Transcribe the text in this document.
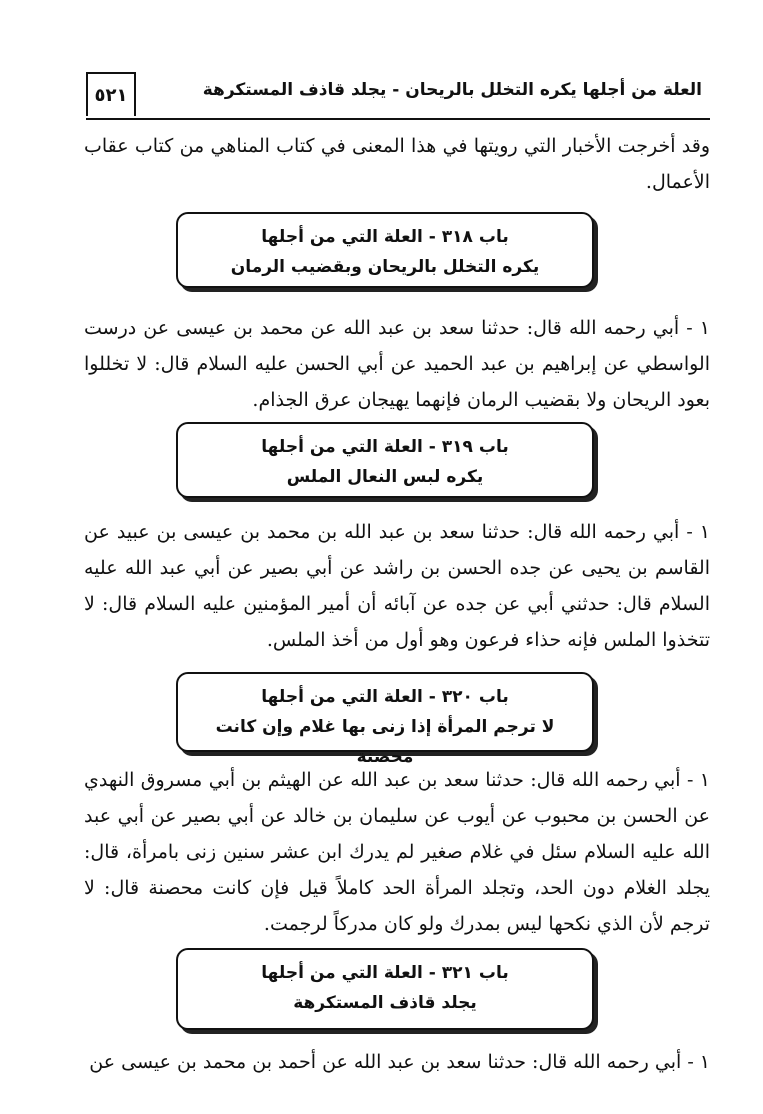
العلة من أجلها يكره التخلل بالريحان - يجلد قاذف المستكرهة
٥٢١
وقد أخرجت الأخبار التي رويتها في هذا المعنى في كتاب المناهي من كتاب عقاب الأعمال.
باب ٣١٨ - العلة التي من أجلها
يكره التخلل بالريحان وبقضيب الرمان
١ - أبي رحمه الله قال: حدثنا سعد بن عبد الله عن محمد بن عيسى عن درست الواسطي عن إبراهيم بن عبد الحميد عن أبي الحسن عليه السلام قال: لا تخللوا بعود الريحان ولا بقضيب الرمان فإنهما يهيجان عرق الجذام.
باب ٣١٩ - العلة التي من أجلها
يكره لبس النعال الملس
١ - أبي رحمه الله قال: حدثنا سعد بن عبد الله بن محمد بن عيسى بن عبيد عن القاسم بن يحيى عن جده الحسن بن راشد عن أبي بصير عن أبي عبد الله عليه السلام قال: حدثني أبي عن جده عن آبائه أن أمير المؤمنين عليه السلام قال: لا تتخذوا الملس فإنه حذاء فرعون وهو أول من أخذ الملس.
باب ٣٢٠ - العلة التي من أجلها
لا ترجم المرأة إذا زنى بها غلام وإن كانت محصنة
١ - أبي رحمه الله قال: حدثنا سعد بن عبد الله عن الهيثم بن أبي مسروق النهدي عن الحسن بن محبوب عن أيوب عن سليمان بن خالد عن أبي بصير عن أبي عبد الله عليه السلام سئل في غلام صغير لم يدرك ابن عشر سنين زنى بامرأة، قال: يجلد الغلام دون الحد، وتجلد المرأة الحد كاملاً قيل فإن كانت محصنة قال: لا ترجم لأن الذي نكحها ليس بمدرك ولو كان مدركاً لرجمت.
باب ٣٢١ - العلة التي من أجلها
يجلد قاذف المستكرهة
١ - أبي رحمه الله قال: حدثنا سعد بن عبد الله عن أحمد بن محمد بن عيسى عن
